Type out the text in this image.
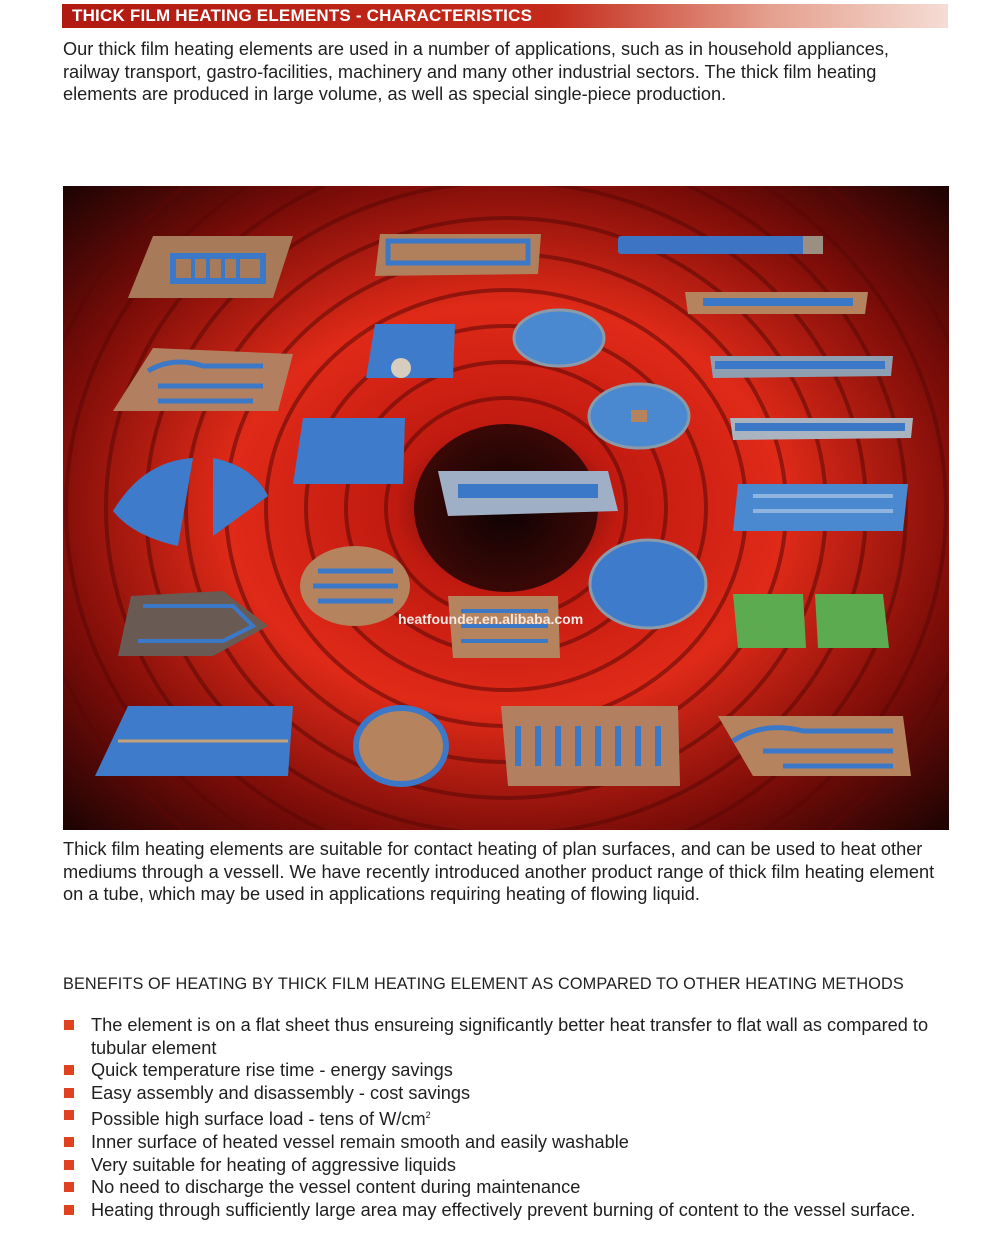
THICK FILM HEATING ELEMENTS - CHARACTERISTICS

Our thick film heating elements are used in a number of applications, such as in household appliances, railway transport, gastro-facilities, machinery and many other industrial sectors. The thick film heating elements are produced in large volume, as well as special single-piece production.

heatfounder.en.alibaba.com

Thick film heating elements are suitable for contact heating of plan surfaces, and can be used to heat other mediums through a vessell. We have recently introduced another product range of thick film heating element on a tube, which may be used in applications requiring heating of flowing liquid.

BENEFITS OF HEATING BY THICK FILM HEATING ELEMENT AS COMPARED TO OTHER HEATING METHODS
The element is on a flat sheet thus ensureing significantly better heat transfer to flat wall as compared to tubular element
Quick temperature rise time - energy savings
Easy assembly and disassembly - cost savings
Possible high surface load - tens of $W/cm^2$
Inner surface of heated vessel remain smooth and easily washable
Very suitable for heating of aggressive liquids
No need to discharge the vessel content during maintenance
Heating through sufficiently large area may effectively prevent burning of content to the vessel surface.
